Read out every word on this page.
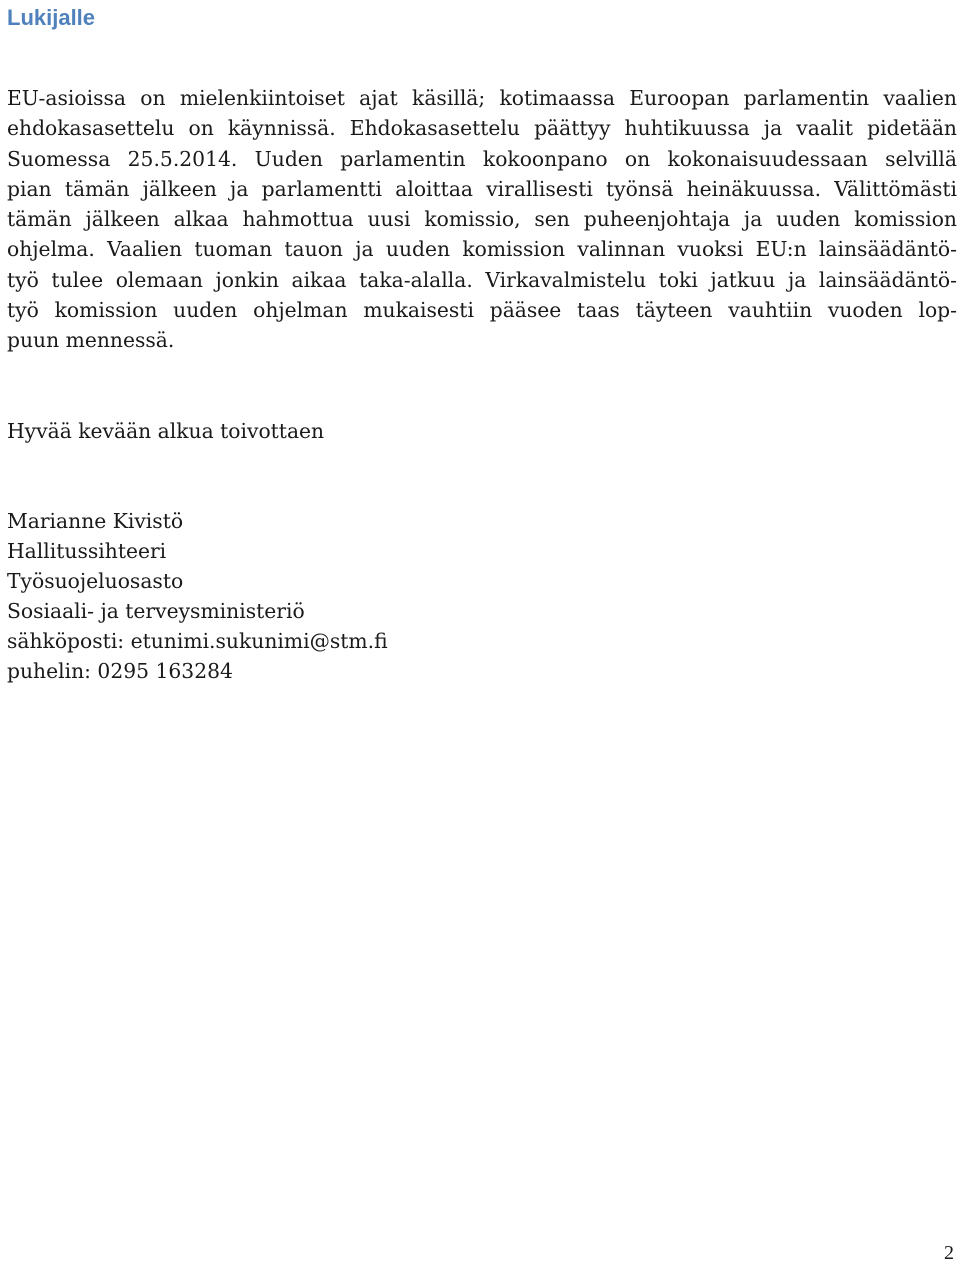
Lukijalle
EU-asioissa on mielenkiintoiset ajat käsillä; kotimaassa Euroopan parlamentin vaalien
ehdokasasettelu on käynnissä. Ehdokasasettelu päättyy huhtikuussa ja vaalit pidetään
Suomessa 25.5.2014. Uuden parlamentin kokoonpano on kokonaisuudessaan selvillä
pian tämän jälkeen ja parlamentti aloittaa virallisesti työnsä heinäkuussa. Välittömästi
tämän jälkeen alkaa hahmottua uusi komissio, sen puheenjohtaja ja uuden komission
ohjelma. Vaalien tuoman tauon ja uuden komission valinnan vuoksi EU:n lainsäädäntö-
työ tulee olemaan jonkin aikaa taka-alalla. Virkavalmistelu toki jatkuu ja lainsäädäntö-
työ komission uuden ohjelman mukaisesti pääsee taas täyteen vauhtiin vuoden lop-
puun mennessä.
Hyvää kevään alkua toivottaen
Marianne Kivistö
Hallitussihteeri
Työsuojeluosasto
Sosiaali- ja terveysministeriö
sähköposti: etunimi.sukunimi@stm.fi
puhelin: 0295 163284
2
